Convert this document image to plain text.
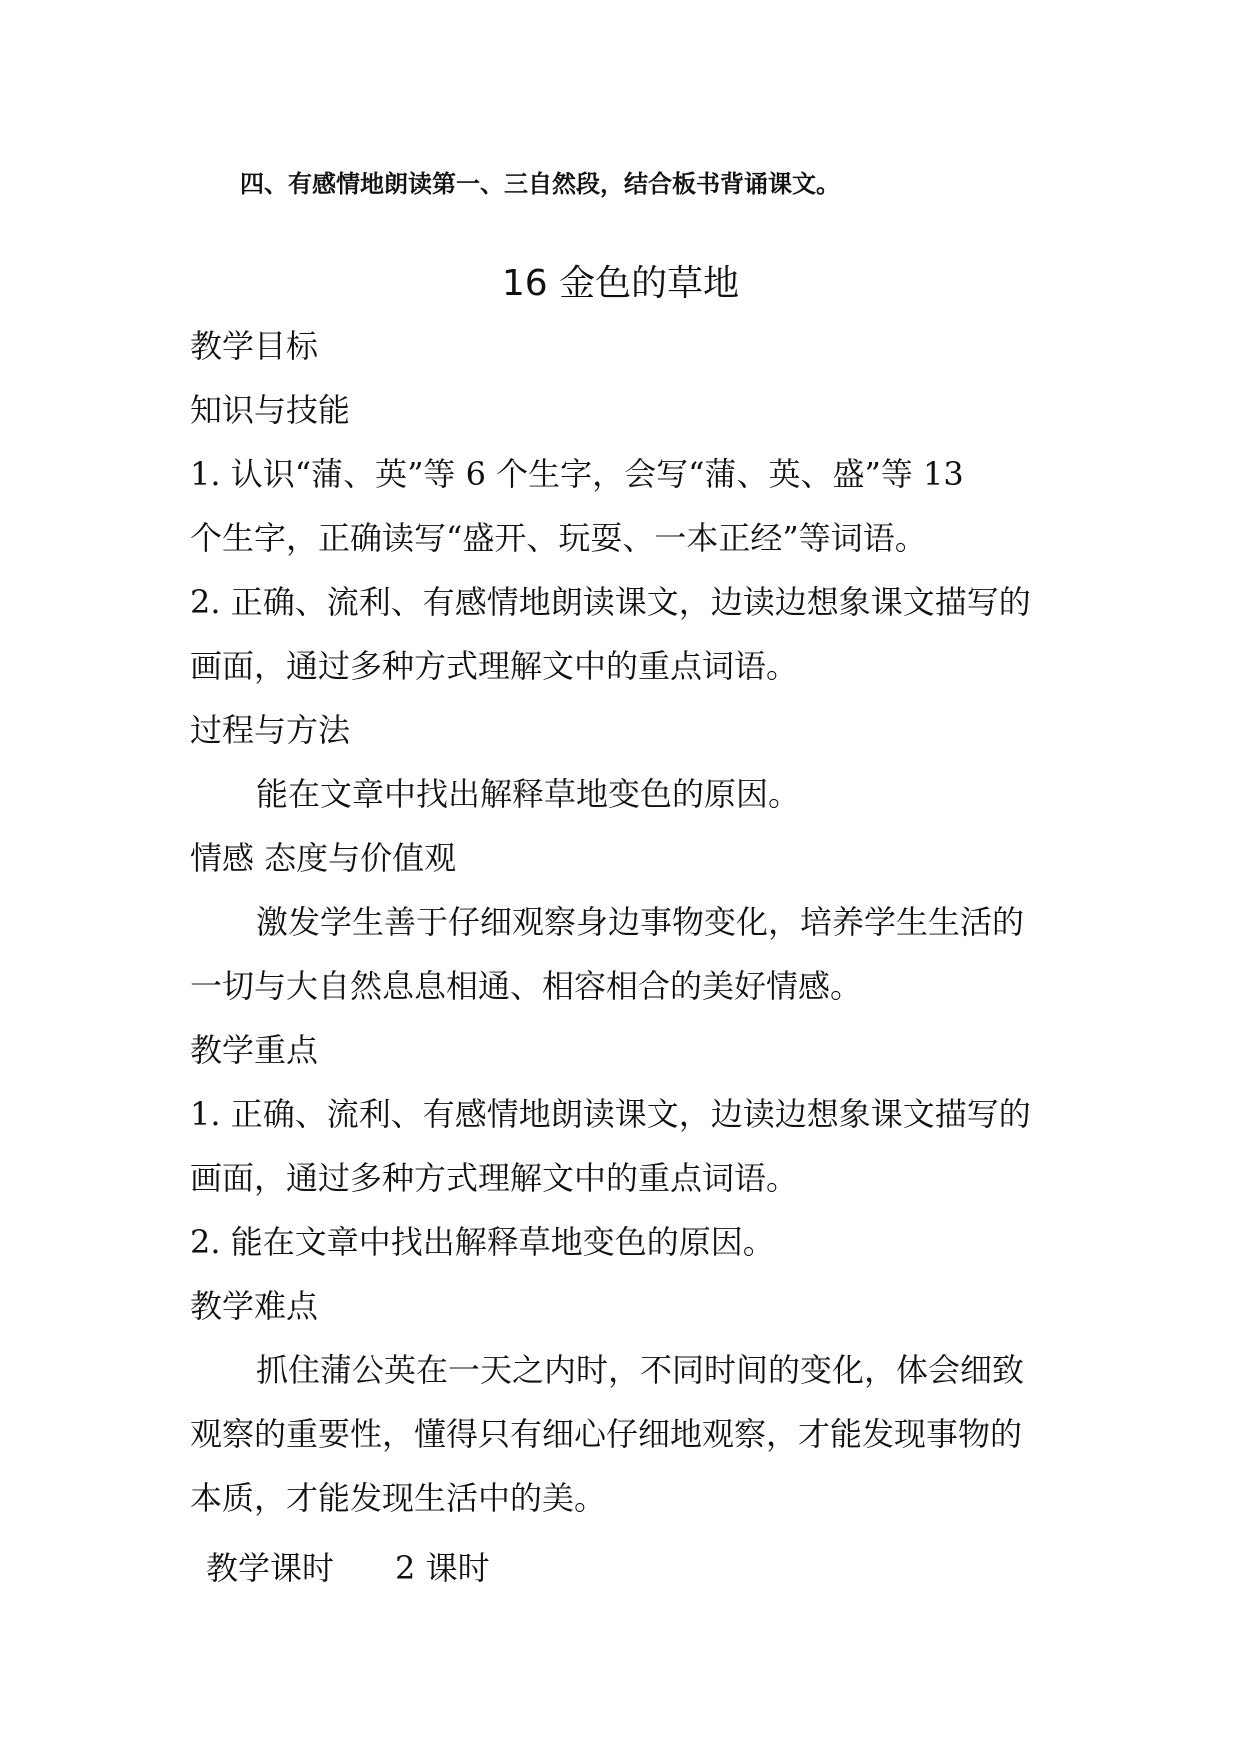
四、有感情地朗读第一、三自然段，结合板书背诵课文。
16 金色的草地
教学目标
知识与技能
1. 认识“蒲、英”等 6 个生字，会写“蒲、英、盛”等 13
个生字，正确读写“盛开、玩耍、一本正经”等词语。
2. 正确、流利、有感情地朗读课文，边读边想象课文描写的
画面，通过多种方式理解文中的重点词语。
过程与方法
能在文章中找出解释草地变色的原因。
情感 态度与价值观
激发学生善于仔细观察身边事物变化，培养学生生活的
一切与大自然息息相通、相容相合的美好情感。
教学重点
1. 正确、流利、有感情地朗读课文，边读边想象课文描写的
画面，通过多种方式理解文中的重点词语。
2. 能在文章中找出解释草地变色的原因。
教学难点
抓住蒲公英在一天之内时，不同时间的变化，体会细致
观察的重要性，懂得只有细心仔细地观察，才能发现事物的
本质，才能发现生活中的美。
教学课时      2 课时
